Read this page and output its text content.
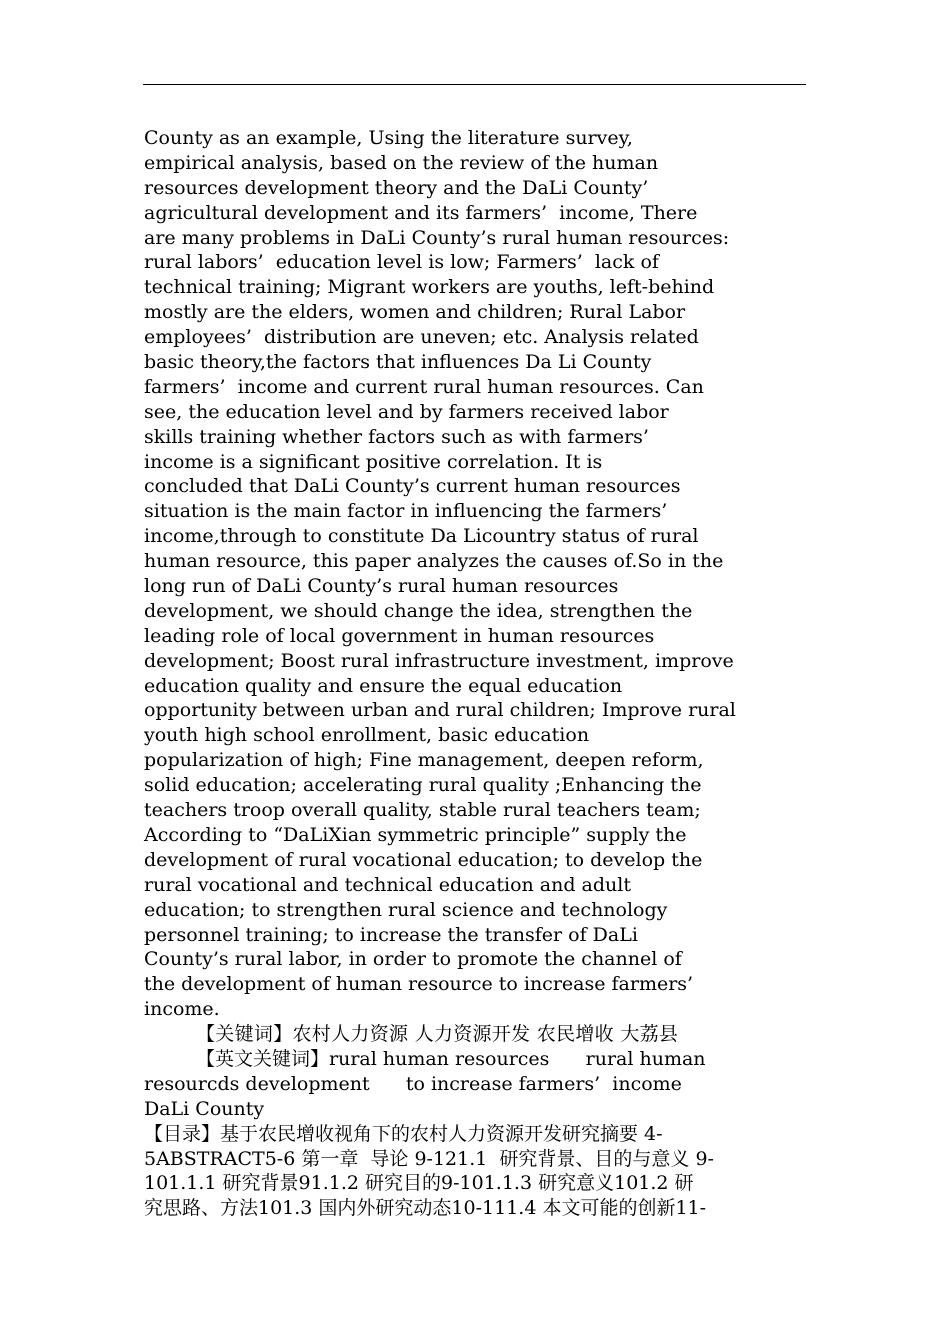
County as an example, Using the literature survey,
empirical analysis, based on the review of the human
resources development theory and the DaLi County’
agricultural development and its farmers’  income, There
are many problems in DaLi County’s rural human resources:
rural labors’  education level is low; Farmers’  lack of
technical training; Migrant workers are youths, left-behind
mostly are the elders, women and children; Rural Labor
employees’  distribution are uneven; etc. Analysis related
basic theory,the factors that influences Da Li County
farmers’  income and current rural human resources. Can
see, the education level and by farmers received labor
skills training whether factors such as with farmers’
income is a significant positive correlation. It is
concluded that DaLi County’s current human resources
situation is the main factor in influencing the farmers’
income,through to constitute Da Licountry status of rural
human resource, this paper analyzes the causes of.So in the
long run of DaLi County’s rural human resources
development, we should change the idea, strengthen the
leading role of local government in human resources
development; Boost rural infrastructure investment, improve
education quality and ensure the equal education
opportunity between urban and rural children; Improve rural
youth high school enrollment, basic education
popularization of high; Fine management, deepen reform,
solid education; accelerating rural quality ;Enhancing the
teachers troop overall quality, stable rural teachers team;
According to “DaLiXian symmetric principle” supply the
development of rural vocational education; to develop the
rural vocational and technical education and adult
education; to strengthen rural science and technology
personnel training; to increase the transfer of DaLi
County’s rural labor, in order to promote the channel of
the development of human resource to increase farmers’
income.
【关键词】农村人力资源 人力资源开发 农民增收 大荔县
【英文关键词】rural human resources      rural human
resourcds development      to increase farmers’  income
DaLi County
【目录】基于农民增收视角下的农村人力资源开发研究摘要 4-
5ABSTRACT5-6 第一章  导论 9-121.1  研究背景、目的与意义 9-
101.1.1 研究背景91.1.2 研究目的9-101.1.3 研究意义101.2 研
究思路、方法101.3 国内外研究动态10-111.4 本文可能的创新11-
